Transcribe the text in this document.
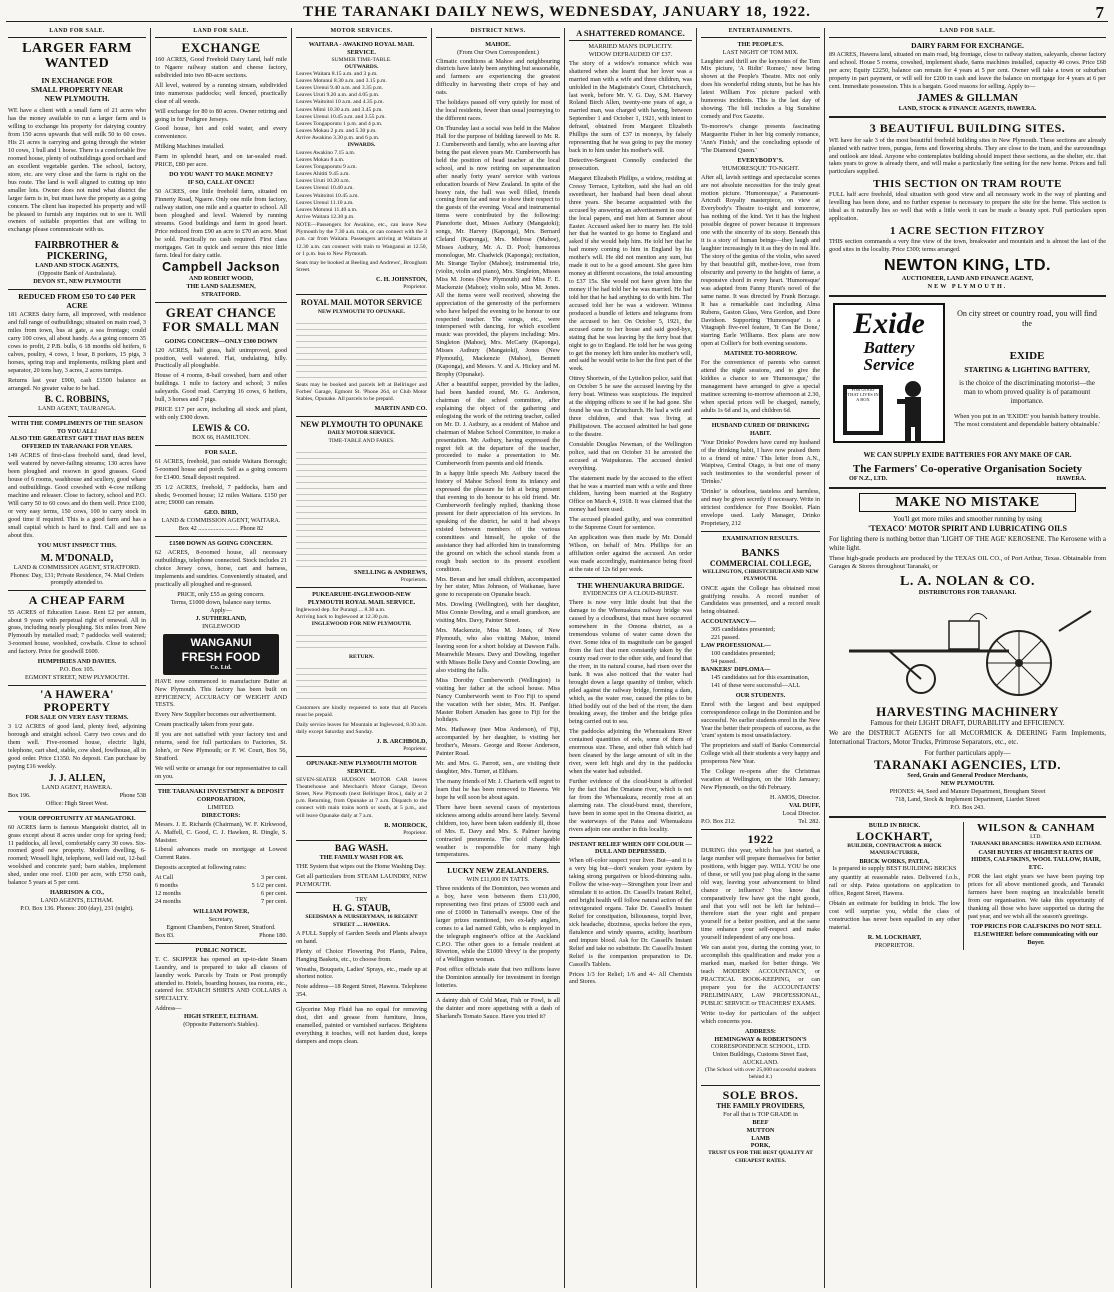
THE TARANAKI DAILY NEWS, WEDNESDAY, JANUARY 18, 1922.	7
LAND FOR SALE.
LARGER FARM
WANTED
IN EXCHANGE FOR
SMALL PROPERTY NEAR
NEW PLYMOUTH.
WE have a client with a small farm of 21 acres who has the money available to run a larger farm and is willing to exchange his property for dairying country from 150 acres upwards that will milk 50 to 60 cows. His 21 acres is carrying and going through the winter 10 cows, 1 bull and 1 horse. There is a comfortable five roomed house, plenty of outbuildings good orchard and an excellent vegetable garden. The school, factory, store, etc. are very close and the farm is right on the bus route. The land is well aligned to cutting up into smaller lots. Owner does not mind what district the larger farm is in, but must have the property as a going concern. The client has inspected his property and will be pleased to furnish any inquiries out to see it. Will owners of suitable properties that are willing to exchange please communicate with us.
FAIRBROTHER & PICKERING,
LAND AND STOCK AGENTS,
(Opposite Bank of Australasia).
DEVON ST., NEW PLYMOUTH
REDUCED FROM £50 TO £40 PER ACRE
181 ACRES dairy farm, all improved, with residence and full range of outbuildings; situated on main road, 3 miles from town, bus at gate, a sea frontage; could carry 100 cows, all about handy. As a going concern 35 cows to profit, 2 P.B. bulls, 6 18 months old heifers, 6 calves, poultry, 4 cows, 1 boar, 8 porkers, 15 pigs, 3 horses, spring trap and implements, milking plant and separator, 20 tons hay, 3 acres, 2 acres turnips.
Returns last year £900, cash £1500 balance as arranged. No greater value to be had.
B. C. ROBBINS,
LAND AGENT, TAURANGA.
WITH THE COMPLIMENTS OF THE SEASON TO YOU ALL!
ALSO THE GREATEST GIFT THAT HAS BEEN OFFERED IN TARANAKI FOR YEARS.
149 ACRES of first-class freehold sand, dead level, well watered by never-failing streams; 130 acres have been ploughed and resown in good grasses. Good house of 6 rooms, washhouse and scullery, good whare and outbuildings. Good cowshed with 4-cow milking machine and releaser. Close to factory, school and P.O. Will carry 50 to 60 cows and do them well. Price £100, or very easy terms, 150 cows, 100 to carry stock in good time if required. This is a good farm and has a small capital which is hard to find. Call and see us about this.
YOU MUST INSPECT THIS.
M. M'DONALD,
LAND & COMMISSION AGENT, STRATFORD.
Phones: Day, 131; Private Residence, 74. Mail Orders promptly attended to.
A CHEAP FARM
55 ACRES of Education Lease. Rent £2 per annum, about 9 years with perpetual right of renewal. All in grass, including nearly ploughing. Six miles from New Plymouth by metalled road; 7 paddocks well watered; 3-roomed house, woolshed, cowbails. Close to school and factory. Price for goodwill £600.
HUMPHRIES AND DAVIES.
P.O. Box 105.
EGMONT STREET, NEW PLYMOUTH.
'A HAWERA' PROPERTY
FOR SALE ON VERY EASY TERMS.
3 1/2 ACRES of good land, plenty feed, adjoining borough and straight school. Carry two cows and do them well. Five-roomed house, electric light, telephone, cart shed, stable, cow shed, fowlhouse, all in good order. Price £1350. No deposit. Can purchase by paying £16 weekly.
J. J. ALLEN,
LAND AGENT, HAWERA.
Box 196.	Phone 538
Office: High Street West.
YOUR OPPORTUNITY AT MANGATOKI.
60 ACRES farm is famous Mangatoki district, all in grass except about 8 acres under crop for spring feed; 11 paddocks, all level, comfortably carry 30 cows. Six-roomed good new property. Modern dwelling, 6-roomed; Wessell light, telephone, well laid out, 12-bail woolshed and concrete yard; barn stables, implement shed, under one roof. £100 per acre, with £750 cash, balance 5 years at 5 per cent.
HARRISON & CO.,
LAND AGENTS, ELTHAM.
P.O. Box 136. Phones: 200 (day), 231 (night).
LAND FOR SALE.
EXCHANGE
160 ACRES, Good Freehold Dairy Land, half mile to Ngaere railway station and cheese factory, subdivided into two 80-acre sections.
All level, watered by a running stream, subdivided into numerous paddocks; well fenced, practically clear of all weeds.
Will exchange for 80 to 80 acres. Owner retiring and going in for Pedigree Jerseys.
Good house, hot and cold water, and every convenience.
Milking Machines installed.
Farm in splendid heart, and on tar-sealed road. PRICE, £80 per acre.
DO YOU WANT TO MAKE MONEY?
IF SO, CALL AT ONCE!
50 ACRES, one little freehold farm, situated on Finnerty Road, Ngaere. Only one mile from factory, railway station, one mile and a quarter to school. All been ploughed and level. Watered by running streams. Good buildings and farm in good heart. Price reduced from £90 an acre to £70 an acre. Must be sold. Practically no cash required. First class mortgages. Get in quick and secure this nice little farm. Ideal for dairy cattle.
Campbell Jackson
AND ROBERT WOOD,
THE LAND SALESMEN,
STRATFORD.
GREAT CHANCE FOR SMALL MAN
GOING CONCERN—ONLY £300 DOWN
120 ACRES, half grass, half unimproved, good position, well watered. Flat, undulating, hilly. Practically all ploughable.
House of 4 rooms, 8-bail cowshed, barn and other buildings. 1 mile to factory and school; 3 miles saleyards. Good road. Carrying 16 cows, 6 heifers, bull, 3 horses and 7 pigs.
PRICE £17 per acre, including all stock and plant, with only £300 down.
LEWIS & CO.
BOX 66, HAMILTON.
FOR SALE.
61 ACRES, freehold, just outside Waitara Borough; 5-roomed house and porch. Sell as a going concern for £1400. Small deposit required.
35 1/2 ACRES, freehold, 7 paddocks, barn and sheds; 9-roomed house; 12 miles Waitara. £150 per acre; £9000 can remain.
GEO. BIRD,
LAND & COMMISSION AGENT, WAITARA.
Box 42 .......................... Phone 82
£1500 DOWN AS GOING CONCERN.
62 ACRES, 8-roomed house, all necessary outbuildings, telephone connected. Stock includes 21 choice Jersey cows, horse, cart and harness, implements and sundries. Conveniently situated, and practically all ploughed and re-grassed.
PRICE, only £55 as going concern.
Terms, £1000 down, balance easy terms.
Apply—
J. SUTHERLAND,
INGLEWOOD
WANGANUI
FRESH FOOD
Co. Ltd.
HAVE now commenced to manufacture Butter at New Plymouth. This factory has been built on EFFICIENCY, ACCURACY OF WEIGHT AND TESTS.
Every New Supplier becomes our advertisement.
Cream practically taken from your gate.
If you are not satisfied with your factory test and returns, send for full particulars to Factories, St. John's, or New Plymouth; or F. W. Court, Box 56, Stratford.
We will write or arrange for our representative to call on you.
THE TARANAKI INVESTMENT & DEPOSIT CORPORATION,
LIMITED.
DIRECTORS:
Messrs. J. E. Richards (Chairman), W. F. Kirkwood, A. Maffell, C. Good, C. J. Hawken, R. Dingle, S. Masister.
Liberal advances made on mortgage at Lowest Current Rates.
Deposits accepted at following rates:
At Call	3 per cent.
6 months	5 1/2 per cent.
12 months	6 per cent.
24 months	7 per cent.
WILLIAM POWER,
Secretary,
Egmont Chambers, Fenton Street, Stratford.
Box 83.	Phone 180.
PUBLIC NOTICE.
T. C. SKIPPER has opened an up-to-date Steam Laundry, and is prepared to take all classes of laundry work. Parcels by Train or Post promptly attended to. Hotels, boarding houses, tea rooms, etc., catered for. STARCH SHIRTS AND COLLARS A SPECIALTY.
Address—
HIGH STREET, ELTHAM.
(Opposite Patterson's Stables).
MOTOR SERVICES.
WAITARA - AWAKINO ROYAL MAIL SERVICE.
SUMMER TIME-TABLE.
OUTWARDS.
Leaves Waitara 8.15 a.m. and 3 p.m.
Leaves Motunui 8.30 a.m. and 3.15 p.m.
Leaves Urenui 9.40 a.m. and 3.35 p.m.
Leaves Uruti 9.20 a.m. and 4.05 p.m.
Leaves Waitoitoi 10 a.m. and 4.35 p.m.
Leaves Mimi 10.30 a.m. and 3.45 p.m.
Leaves Urenui 10.45 a.m. and 3.55 p.m.
Leaves Tongaporutu 1 p.m. and 4 p.m.
Leaves Mokau 2 p.m. and 5.30 p.m.
Arrive Awakino 3.30 p.m. and 6 p.m.
INWARDS.
Leaves Awakino 7.15 a.m.
Leaves Mokau 8 a.m.
Leaves Tongaporutu 9 a.m.
Leaves Ahititi 9.45 a.m.
Leaves Uruti 10.20 a.m.
Leaves Urenui 10.40 a.m.
Leaves Waitoitoi 10.45 a.m.
Leaves Urenui 11.10 a.m.
Leaves Motunui 11.40 a.m.
Arrive Waitara 12.30 p.m.
NOTE—Passengers for Awakino, etc., can leave New Plymouth by the 7.30 a.m. train, or can connect with the 3 p.m. car from Waitara. Passengers arriving at Waitara at 12.30 a.m. can connect with train to Wanganui at 12.50, or 1 p.m. bus to New Plymouth.
Seats may be booked at Beeling and Andrews', Brougham Street.
C. H. JOHNSTON,
Proprietor.
ROYAL MAIL MOTOR SERVICE
NEW PLYMOUTH TO OPUNAKE.
Seats may be booked and parcels left at Bellringer and Forbes' Garage, Egmont St. 'Phone 264, or Club Motor Stables, Opunake. All parcels to be prepaid.
MARTIN AND CO.
NEW PLYMOUTH TO OPUNAKE
DAILY MOTOR SERVICE.
TIME-TABLE AND FARES.
SNELLING & ANDREWS,
Proprietors.
PUKEARUHE-INGLEWOOD-NEW PLYMOUTH ROYAL MAIL SERVICE.
Inglewood dep. for Purangi ... 8.30 a.m.
Arriving back to Inglewood at 12.30 p.m.
INGLEWOOD FOR NEW PLYMOUTH.
RETURN.
Customers are kindly requested to note that all Parcels must be prepaid.
Daily service leaves for Mountain at Inglewood, 8.30 a.m. daily except Saturday and Sunday.
J. B. ARCHBOLD,
Proprietor.
OPUNAKE-NEW PLYMOUTH MOTOR SERVICE.
SEVEN-SEATER HUDSON MOTOR CAR leaves Theaterhouse and Merchant's Motor Garage, Devon Street, New Plymouth (next Bellringer Bros.), daily at 2 p.m. Returning, from Opunake at 7 a.m. Dispatch to the connect with main trains north or south, at 5 p.m., and will leave Opunake daily at 7 a.m.
R. MORROCK,
Proprietor.
BAG WASH.
THE FAMILY WASH FOR 4/6.
THE System that wipes out the Home Washing Day.
Get all particulars from STEAM LAUNDRY, NEW PLYMOUTH.
TRY
H. G. STAUB,
SEEDSMAN & NURSERYMAN, 16 REGENT STREET .... HAWERA.
A FULL Supply of Garden Seeds and Plants always on hand.
Plenty of Choice Flowering Pot Plants, Palms, Hanging Baskets, etc., to choose from.
Wreaths, Bouquets, Ladies' Sprays, etc., made up at shortest notice.
Note address—18 Regent Street, Hawera. Telephone 354.
Glycerine Mop Fluid has no equal for removing dust, dirt and grease from furniture, linos, enamelled, painted or varnished surfaces. Brightens everything it touches, will not harden dust, keeps dampers and mops clean.
DISTRICT NEWS.
MAHOE.
(From Our Own Correspondent.)
Climatic conditions at Mahoe and neighbouring districts have lately been anything but seasonable, and farmers are experiencing the greatest difficulty in harvesting their crops of hay and oats.
The holidays passed off very quietly for most of the local residents, fewer than usual journeying to the different races.
On Thursday last a social was held in the Mahoe Hall for the purpose of bidding farewell to Mr. R. J. Cumberworth and family, who are leaving after being the past eleven years Mr. Cumberworth has held the position of head teacher at the local school, and is now retiring on superannuation after nearly forty years' service with various education boards of New Zealand. In spite of the heavy rain, the hall was well filled, friends coming from far and near to show their respect to the guests of the evening. Vocal and instrumental items were contributed by the following: Pianoforte duet, Misses Astbury (Mangatoki); songs, Mr. Harvey (Kaponga), Mrs. Bernard Cleland (Kaponga), Mrs. Melrose (Mahoe), Misses Astbury, Mr. A. D. Pool; humorous monologue, Mr. Chadwick (Kaponga); recitation, Mr. Strange Taylor (Mahoe); instrumental trio, (violin, violin and piano), Mrs. Singleton, Misses Miss M. Jones (New Plymouth) and Miss F. E. Mackenzie (Mahoe); violin solo, Miss M. Jones. All the items were well received, showing the appreciation of the generosity of the performers who have helped the evening to be honour to our respected teacher. The songs, etc., were interspersed with dancing, for which excellent music was provided, the players including: Mrs. Singleton (Mahoe), Mrs. McCarty (Kaponga), Misses Astbury (Mangatoki), Jones (New Plymouth), Mackenzie (Mahoe), Bennett (Kaponga), and Messrs. V. and A. Hickey and M. Brophy (Opunake).
After a beautiful supper, provided by the ladies, had been handed round, Mr. G. Anderson, chairman of the school committee, after explaining the object of the gathering and eulogising the work of the retiring teacher, called on Mr. D. J. Astbury, as a resident of Mahoe and chairman of Mahoe School Committee, to make a presentation. Mr. Astbury, having expressed the regret felt at the departure of the teacher, proceeded to make a presentation to Mr. Cumberworth from parents and old friends.
In a happy little speech Mr. Astbury traced the history of Mahoe School from its infancy and expressed the pleasure he felt at being present that evening to do honour to his old friend. Mr. Cumberworth feelingly replied, thanking those present for their appreciation of his services. In speaking of the district, he said it had always existed between members of the various committees and himself, he spoke of the assistance they had afforded him in transforming the ground on which the school stands from a rough bush section to its present excellent condition.
Mrs. Bevan and her small children, accompanied by her sister, Miss Johnson, of Waikanae, have gone to recuperate on Opunake beach.
Mrs. Dowling (Wellington), with her daughter, Miss Connie Dowling, and a small grandson, are visiting Mrs. Davy, Painter Street.
Mrs. Mackenzie, Miss M. Jones, of New Plymouth, who also visiting Mahoe, intend leaving soon for a short holiday at Dawson Falls. Meanwhile Messrs. Davy and Dowling, together with Misses Bolle Davy and Connie Dowling, are also visiting the falls.
Miss Dorothy Cumberworth (Wellington) is visiting her father at the school house. Miss Nancy Cumberworth went to Foo Fiji to spend the vacation with her sister, Mrs. H. Panfgar. Master Robert Amaden has gone to Fiji for the holidays.
Mrs. Hathaway (nee Miss Anderson), of Fiji, accompanied by her daughter, is visiting her brother's, Messrs. George and Reese Anderson, Painter Road.
Mr. and Mrs. G. Parrott, sen., are visiting their daughter, Mrs. Turner, at Eltham.
The many friends of Mr. J. Charteris will regret to learn that he has been removed to Hawera. We hope he will soon be about again.
There have been several cases of mysterious sickness among adults around here lately. Several children, too, have been taken suddenly ill, those of Mrs. E. Davy and Mrs. S. Palmer having contracted pneumonia. The cold changeable weather is responsible for many high temperatures.
LUCKY NEW ZEALANDERS.
WIN £11,000 IN TATTS.
Three residents of the Dominion, two women and a boy, have won between them £11,000, representing two first prizes of £5000 each and one of £1000 in Tattersall's sweeps. One of the larger prizes mentioned, two ex-lady anglers, comes to a lad named Gibb, who is employed in the telegraph engineer's office at the Auckland C.P.O. The other goes to a female resident at Riverton, while the £1000 'divvy' is the property of a Wellington woman.
Post office officials state that two millions leave the Dominion annually for investment in foreign lotteries.
A dainty dish of Cold Meat, Fish or Fowl, is all the dainter and more appetising with a dash of Sharland's Tomato Sauce. Have you tried it?
A SHATTERED ROMANCE.
MARRIED MAN'S DUPLICITY.
WIDOW DEFRAUDED OF £37.
The story of a widow's romance which was shattered when she learnt that her lover was a married man with a wife and three children, was unfolded in the Magistrate's Court, Christchurch, last week, before Mr. V. G. Day, S.M. Harvey Roland Birch Allen, twenty-one years of age, a married man, was charged with having, between September 1 and October 1, 1921, with intent to defraud, obtained from Margaret Elizabeth Phillips the sum of £37 in moneys, by falsely representing that he was going to pay the money back in to him under his mother's will.
Detective-Sergeant Connolly conducted the prosecution.
Margaret Elizabeth Phillips, a widow, residing at Cressy Terrace, Lyttelton, said she had an old sweetheart, her husband had been dead about three years. She became acquainted with the accused by answering an advertisement in one of the local papers, and met him at Sumner about Easter. Accused asked her to marry her. He told her that he wanted to go home to England and asked if she would help him. He told her that he had money coming to him in England by his mother's will. He did not mention any sum, but made it out to be a good amount. She gave him money at different occasions, the total amounting to £37 15s. She would not have given him the money if he had told her he was married. He had told her that he had anything to do with him. The accused told her he was a widower. Witness produced a bundle of letters and telegrams from the accused to her. On October 5, 1921, the accused came to her house and said good-bye, stating that he was leaving by the ferry boat that night to go to England. He told her he was going to get the money left him under his mother's will, and said he would write to her the first part of the week.
Ottrey Shortwin, of the Lyttelton police, said that on October 5 he saw the accused leaving by the ferry boat. Witness was suspicious. He inquired at the shipping offices to see if he had gone. She found he was in Christchurch. He had a wife and three children, and that was living at Phillipstown. The accused admitted he had gone to the theatre.
Constable Douglas Newman, of the Wellington police, said that on October 31 he arrested the accused at Waipukurau. The accused denied everything.
The statement made by the accused to the effect that he was a married man with a wife and three children, having been married at the Registry Office on March 4, 1918. It was claimed that the money had been used.
The accused pleaded guilty, and was committed to the Supreme Court for sentence.
An application was then made by Mr. Donald Wilson, on behalf of Mrs. Phillips for an affiliation order against the accused. An order was made accordingly, maintenance being fixed at the rate of 12s 6d per week.
THE WHENUAKURA BRIDGE.
EVIDENCES OF A CLOUD-BURST.
There is now very little doubt but that the damage to the Whenuakura railway bridge was caused by a cloudburst, that must have occurred somewhere in the Omona district, as a tremendous volume of water came down the river. Some idea of its magnitude can be gauged from the fact that men constantly taken by the county road over to the other side, and found that the river, in its natural course, had risen over the bank. It was also noticed that the water had brought down a large quantity of timber, which piled against the railway bridge, forming a dam, which, as the water rose, caused the piles to be lifted bodily out of the bed of the river, the dam breaking away, the timber and the bridge piles being carried out to sea.
The paddocks adjoining the Whenuakura River contained quantities of eels, some of them of enormous size. These, and other fish which had been cleaned by the large amount of silt in the river, were left high and dry in the paddocks when the water had subsided.
Further evidence of the cloud-burst is afforded by the fact that the Omatane river, which is not far from the Whenuakura, recently rose at an alarming rate. The cloud-burst must, therefore, have been in some spot in the Omona district, as the waterways of the Patea and Whenuakura rivers adjoin one another in this locality.
INSTANT RELIEF WHEN OFF COLOUR —DULL AND DEPRESSED.
When off-color suspect your liver. But—and it is a very big but—don't weaken your system by taking strong purgatives or blood-thinning salts. Follow the wise-way—Strengthen your liver and stimulate it to action. Dr. Cassell's Instant Relief, and bright health will follow natural action of the reinvigorated organs. Take Dr. Cassell's Instant Relief for constipation, biliousness, torpid liver, sick headache, dizziness, specks before the eyes, flatulence and windy spasms, acidity, heartburn and impure blood. Ask for Dr. Cassell's Instant Relief and take no substitute. Dr. Cassell's Instant Relief is the companion preparation to Dr. Cassell's Tablets.
Prices 1/3 for Relief; 1/6 and 4/- All Chemists and Stores.
ENTERTAINMENTS.
THE PEOPLE'S.
LAST NIGHT OF TOM MIX.
Laughter and thrill are the keynotes of the Tom Mix picture, 'A Ridin' Romeo,' now being shown at the People's Theatre. Mix not only does his wonderful riding stunts, but he has his latest William Fox picture packed with humorous incidents. This is the last day of showing. The bill includes a big Sunshine comedy and Fox Gazette.
To-morrow's change presents fascinating Marguerite Fisher in her big comedy romance, 'Ann's Finish,' and the concluding episode of 'The Diamond Queen.'
EVERYBODY'S.
'HUMORESQUE' TO-NIGHT.
After all, lavish settings and spectacular scenes are not absolute necessities for the truly great motion picture. 'Humoresque,' a Paramount-Artcraft Royalty masterpiece, on view at Everybody's Theatre to-night and tomorrow, has nothing of the kind. Yet it has the highest possible degree of power because it impresses one with the sincerity of its story. Beneath this it is a story of human beings—they laugh and laughter increasingly in it as they do in real life. The story of the genius of the violin, who saved by that beautiful gift, mother-love, rose from obscurity and poverty to the heights of fame, a responsive chord in every heart. 'Humoresque' was adapted from Fanny Hurst's novel of the same name. It was directed by Frank Borzage. It has a remarkable cast including Alma Rubens, Gaston Glass, Vera Gordon, and Dore Davidson. Supporting 'Humoresque' is a Vitagraph five-reel feature, 'It Can Be Done,' starring Earle Williams. Box plans are now open at Collier's for both evening sessions.
MATINEE TO-MORROW.
For the convenience of parents who cannot attend the night sessions, and to give the kiddies a chance to see 'Humoresque,' the management have arranged to give a special matinee screening to-morrow afternoon at 2.30, when special prices will be charged, namely, adults 1s 6d and 1s, and children 6d.
HUSBAND CURED OF DRINKING HABIT.
'Your Drinko' Powders have cured my husband of the drinking habit, I have now praised them to a friend of mine.' This letter from A.N., Waipiwa, Central Otago, is but one of many such testimonies to the wonderful power of 'Drinko.'
'Drinko' is odourless, tasteless and harmless, and may be given secretly if necessary. Write in strictest confidence for Free Booklet. Plain envelope used. Lady Manager, Drinko Proprietary, 212
EXAMINATION RESULTS.
BANKS
COMMERCIAL COLLEGE,
WELLINGTON, CHRISTCHURCH AND NEW PLYMOUTH.
ONCE again the College has obtained most gratifying results. A record number of Candidates was presented, and a record result being obtained.
ACCOUNTANCY—
305 candidates presented;
221 passed.
LAW PROFESSIONAL—
100 candidates presented;
94 passed.
BANKERS' DIPLOMA—
145 candidates sat for this examination,
141 of these were successful—ALL
OUR STUDENTS.
Enrol with the largest and best equipped correspondence college in the Dominion and be successful. No earlier students enrol in the New Year the better their prospects of success, as the 'cram' system is most unsatisfactory.
The proprietors and staff of Banks Commercial College wish all their students a very happy and prosperous New Year.
The College re-opens after the Christmas vacation at Wellington, on the 16th January; New Plymouth, on the 6th February.
H. AMOS, Director.
VAL DUFF,
Local Director.
P.O. Box 212.	Tel. 282.
1922
DURING this year, which has just started, a large number will prepare themselves for better positions, with bigger pay. WILL YOU be one of these, or will you just plug along in the same old way, leaving your advancement to blind chance or influence? You know that comparatively few have got the right goods, and that you will not be left far behind—therefore start the year right and prepare yourself for a better position, and at the same time enhance your self-respect and make yourself independent of any one boss.
We can assist you, during the coming year, to accomplish this qualification and make you a marked man, marked for better things. We teach MODERN ACCOUNTANCY, or PRACTICAL BOOK-KEEPING, or can prepare you for the ACCOUNTANTS' PRELIMINARY, LAW PROFESSIONAL, PUBLIC SERVICE or TEACHERS' EXAMS.
Write to-day for particulars of the subject which concerns you.
ADDRESS:
HEMINGWAY & ROBERTSON'S
CORRESPONDENCE SCHOOL, LTD.
Union Buildings, Customs Street East, AUCKLAND.
(The School with over 25,000 successful students behind it.)
SOLE BROS.
THE FAMILY PROVIDERS,
For all that is TOP GRADE in
BEEF
MUTTON
LAMB
PORK,
TRUST US FOR THE BEST QUALITY AT CHEAPEST RATES.
LAND FOR SALE.
DAIRY FARM FOR EXCHANGE.
89 ACRES, Hawera land, situated on main road, big frontage, close to railway station, saleyards, cheese factory and school. House 5 rooms, cowshed, implement shade, 6ams machines installed, capacity 40 cows. Price £68 per acre; Equity £2250, balance can remain for 4 years at 5 per cent. Owner will take a town or suburban property in part payment, or will sell for £200 in cash and leave the balance on mortgage for 4 years at 6 per cent. Immediate possession. This is a bargain. Good reasons for selling. Apply to—
JAMES & GILLMAN
LAND, STOCK & FINANCE AGENTS, HAWERA.
3 BEAUTIFUL BUILDING SITES.
WE have for sale 3 of the most beautiful freehold building sites in New Plymouth. These sections are already planted with native trees, pungas, ferns and flowering shrubs. They are close to the tram, and the surroundings and outlook are ideal. Anyone who contemplates building should inspect these sections, as the shelter, etc. that takes years to grow is already there, and will make a particularly fine setting for the new home. Prices and full particulars supplied.
THIS SECTION ON TRAM ROUTE
FULL half acre freehold, ideal situation with good view and all necessary work in the way of planting and levelling has been done, and no further expense is necessary to prepare the site for the home. This section is ideal as it naturally lies so well that with a little work it can be made a beauty spot. Full particulars upon application.
1 ACRE SECTION FITZROY
THIS section commands a very fine view of the town, breakwater and mountain and is almost the last of the good sites in the locality. Price £300; terms arranged.
NEWTON KING, LTD.
AUCTIONEER, LAND AND FINANCE AGENT,
NEW PLYMOUTH.
Exide
Battery
Service
FOR GOOD THAT LIVES IN A BOX
On city street or country road, you will find the
EXIDE
STARTING & LIGHTING BATTERY,
is the choice of the discriminating motorist—the man to whom proved quality is of paramount importance.
When you put in an 'EXIDE' you banish battery trouble. 'The most consistent and dependable battery obtainable.'
WE CAN SUPPLY EXIDE BATTERIES FOR ANY MAKE OF CAR.
The Farmers' Co-operative Organisation Society
OF N.Z., LTD.	HAWERA.
MAKE NO MISTAKE
You'll get more miles and smoother running by using
'TEXACO' MOTOR SPIRIT AND LUBRICATING OILS
For lighting there is nothing better than 'LIGHT OF THE AGE' KEROSENE. The Kerosene with a white light.
These high-grade products are produced by the TEXAS OIL CO., of Port Arthur, Texas. Obtainable from Garages & Stores throughout Taranaki, or
L. A. NOLAN & CO.
DISTRIBUTORS FOR TARANAKI.
HARVESTING MACHINERY
Famous for their LIGHT DRAFT, DURABILITY and EFFICIENCY.
We are the DISTRICT AGENTS for all McCORMICK & DEERING Farm Implements, International Tractors, Motor Trucks, Primrose Separators, etc., etc.
For further particulars apply—
TARANAKI AGENCIES, LTD.
Seed, Grain and General Produce Merchants,
NEW PLYMOUTH.
PHONES: 44, Seed and Manure Department, Brougham Street
718, Land, Stock & Implement Department, Liardet Street
P.O. Box 243.
BUILD IN BRICK.
LOCKHART,
BUILDER, CONTRACTOR & BRICK MANUFACTURER,
BRICK WORKS, PATEA,
Is prepared to supply BEST BUILDING BRICKS
any quantity at reasonable rates. Delivered f.o.b., rail or ship. Patea quotations on application to office, Regent Street, Hawera.
Obtain an estimate for building in brick. The low cost will surprise you, whilst the class of construction has never been equalled in any other material.
R. M. LOCKHART,
PROPRIETOR.
WILSON & CANHAM
LTD.
TARANAKI BRANCHES: HAWERA AND ELTHAM.
CASH BUYERS AT HIGHEST RATES OF
HIDES, CALFSKINS, WOOL TALLOW, HAIR, ETC.
FOR the last eight years we have been paying top prices for all above mentioned goods, and Taranaki farmers have been reaping an incalculable benefit from our organisation. We take this opportunity of thanking all those who have supported us during the past year, and we wish all the season's greetings.
TOP PRICES FOR CALFSKINS DO NOT SELL ELSEWHERE before communicating with our Buyer.
